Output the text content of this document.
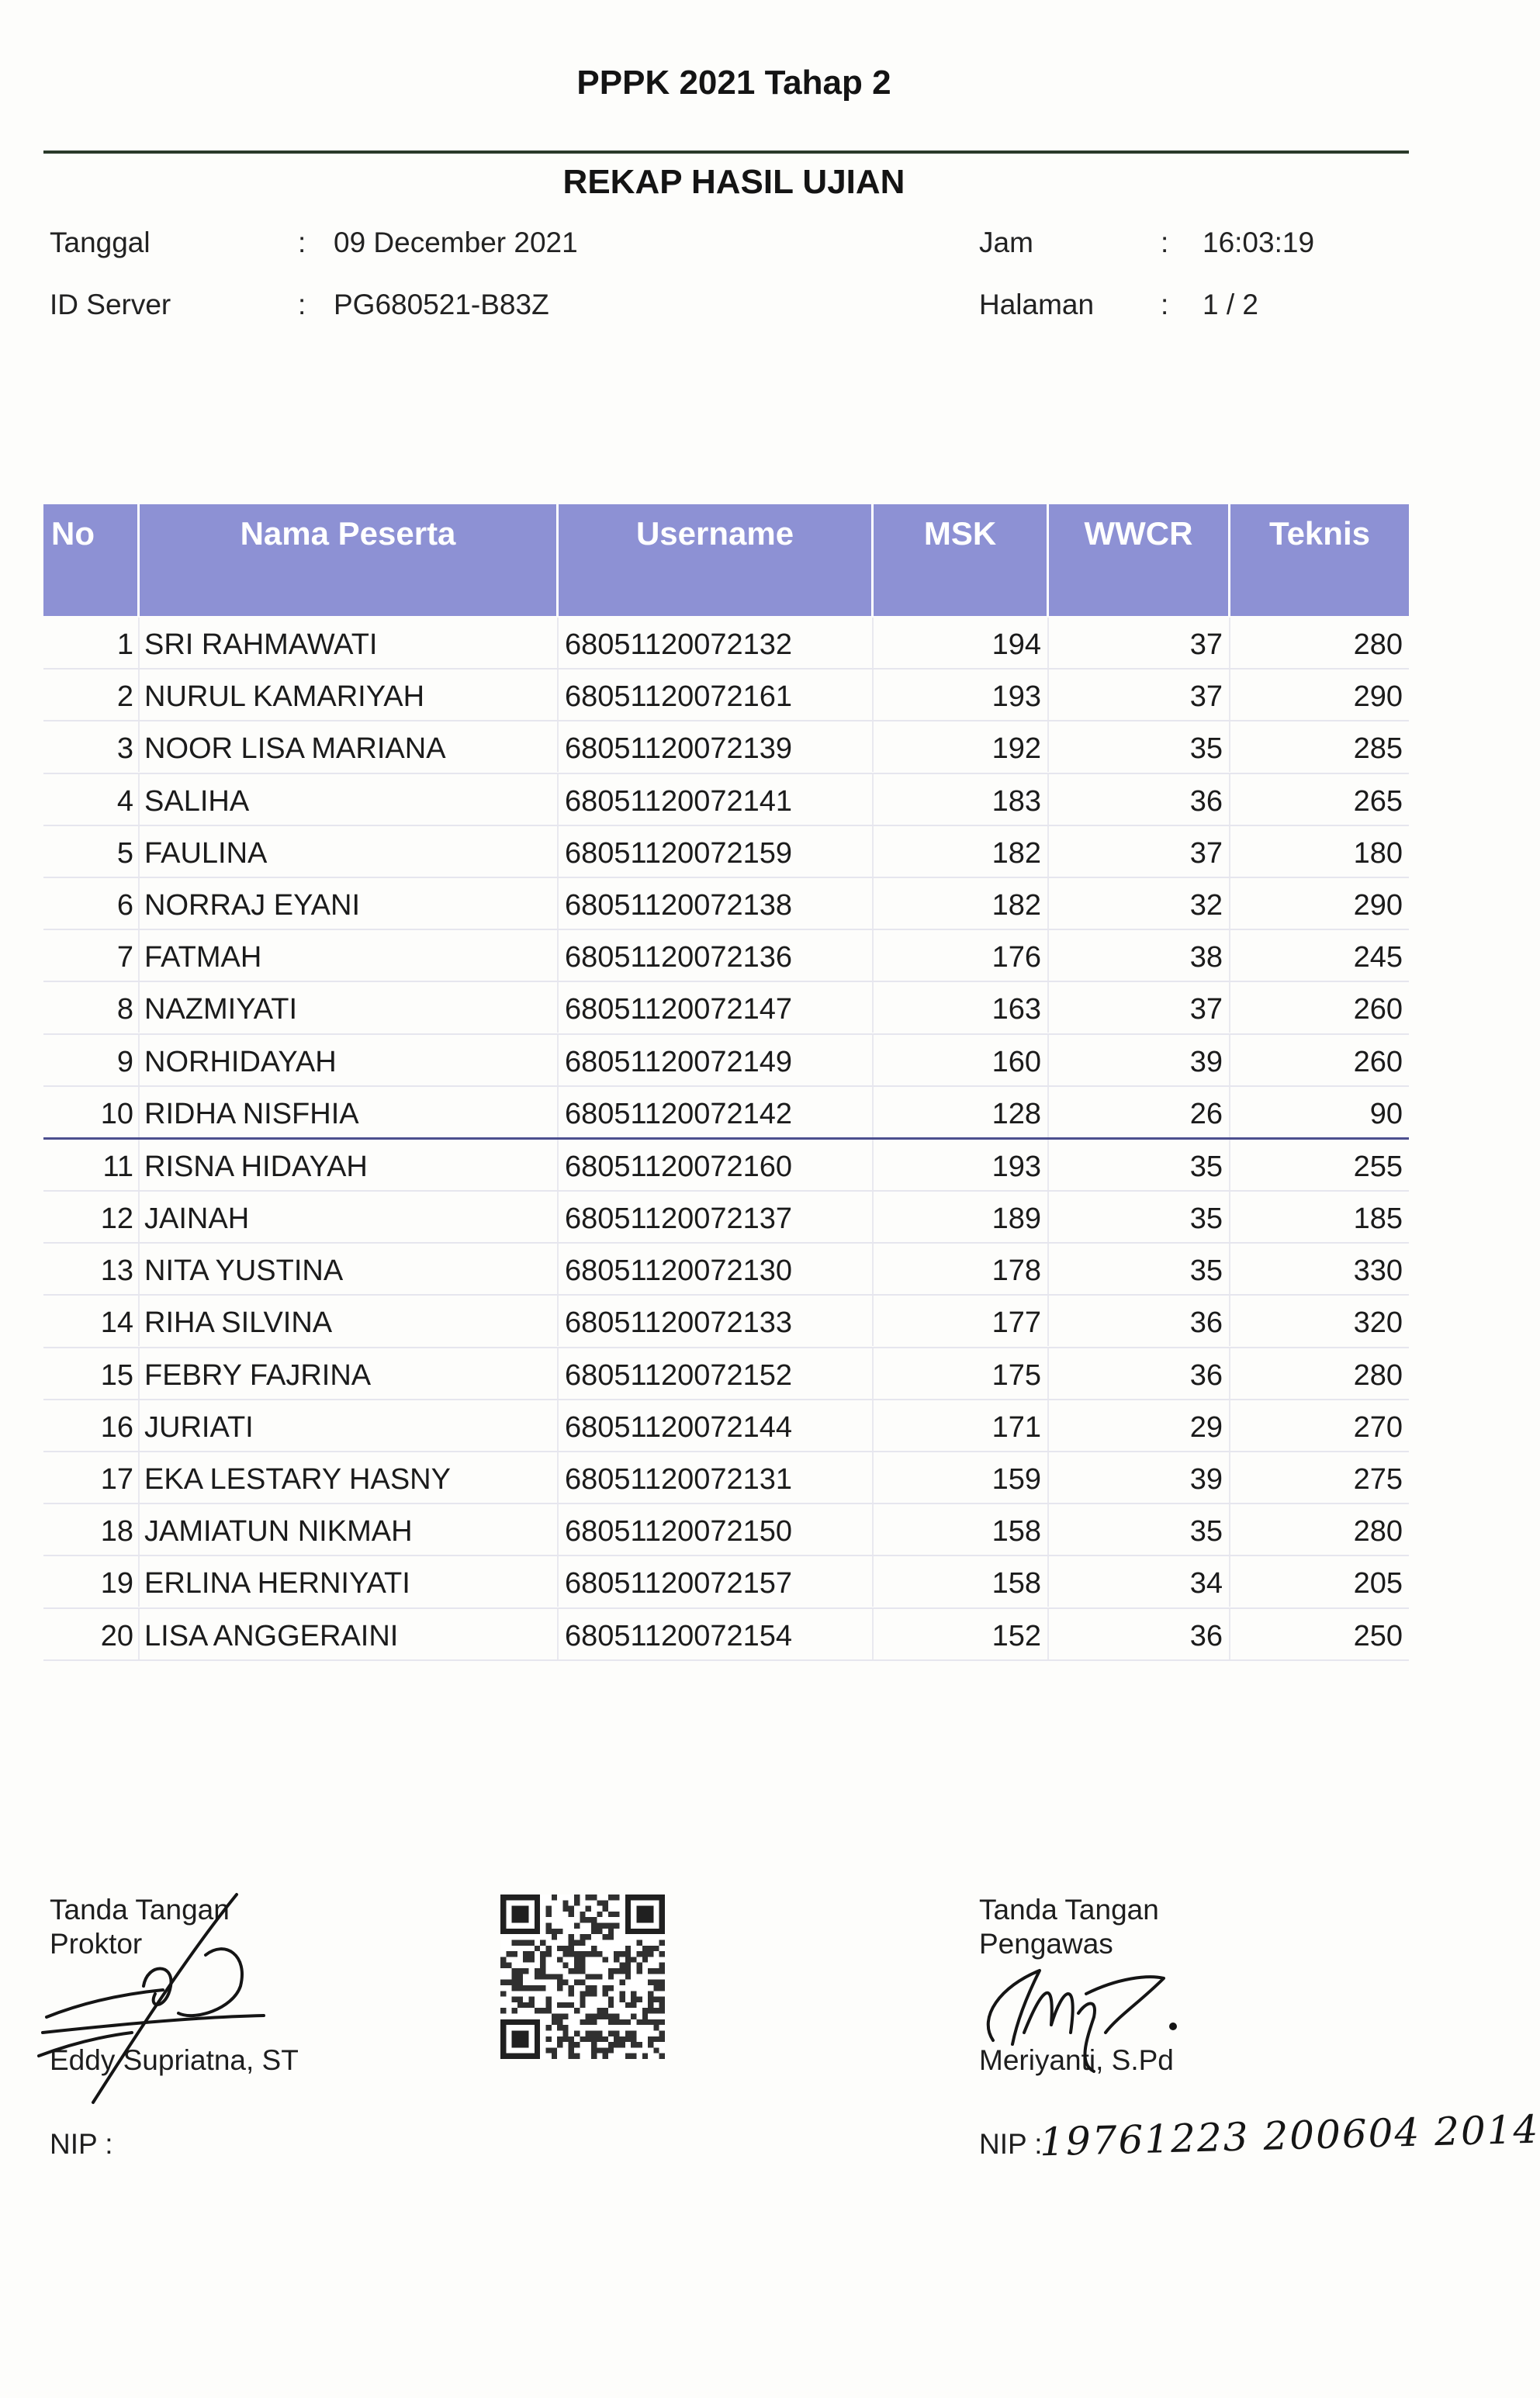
PPPK 2021 Tahap 2
REKAP HASIL UJIAN
Tanggal	: 09 December 2021
ID Server	: PG680521-B83Z
Jam	: 16:03:19
Halaman : 1 / 2
No	Nama Peserta	Username	MSK	WWCR	Teknis
1 SRI RAHMAWATI	68051120072132	194	37	280
2 NURUL KAMARIYAH	68051120072161	193	37	290
3 NOOR LISA MARIANA	68051120072139	192	35	285
4 SALIHA	68051120072141	183	36	265
5 FAULINA	68051120072159	182	37	180
6 NORRAJ EYANI	68051120072138	182	32	290
7 FATMAH	68051120072136	176	38	245
8 NAZMIYATI	68051120072147	163	37	260
9 NORHIDAYAH	68051120072149	160	39	260
10 RIDHA NISFHIA	68051120072142	128	26	90
11 RISNA HIDAYAH	68051120072160	193	35	255
12 JAINAH	68051120072137	189	35	185
13 NITA YUSTINA	68051120072130	178	35	330
14 RIHA SILVINA	68051120072133	177	36	320
15 FEBRY FAJRINA	68051120072152	175	36	280
16 JURIATI	68051120072144	171	29	270
17 EKA LESTARY HASNY	68051120072131	159	39	275
18 JAMIATUN NIKMAH	68051120072150	158	35	280
19 ERLINA HERNIYATI	68051120072157	158	34	205
20 LISA ANGGERAINI	68051120072154	152	36	250
Tanda Tangan
Proktor
Eddy Supriatna, ST
NIP :
Tanda Tangan
Pengawas
Meriyanti, S.Pd
NIP :
19761223 200604 2014
